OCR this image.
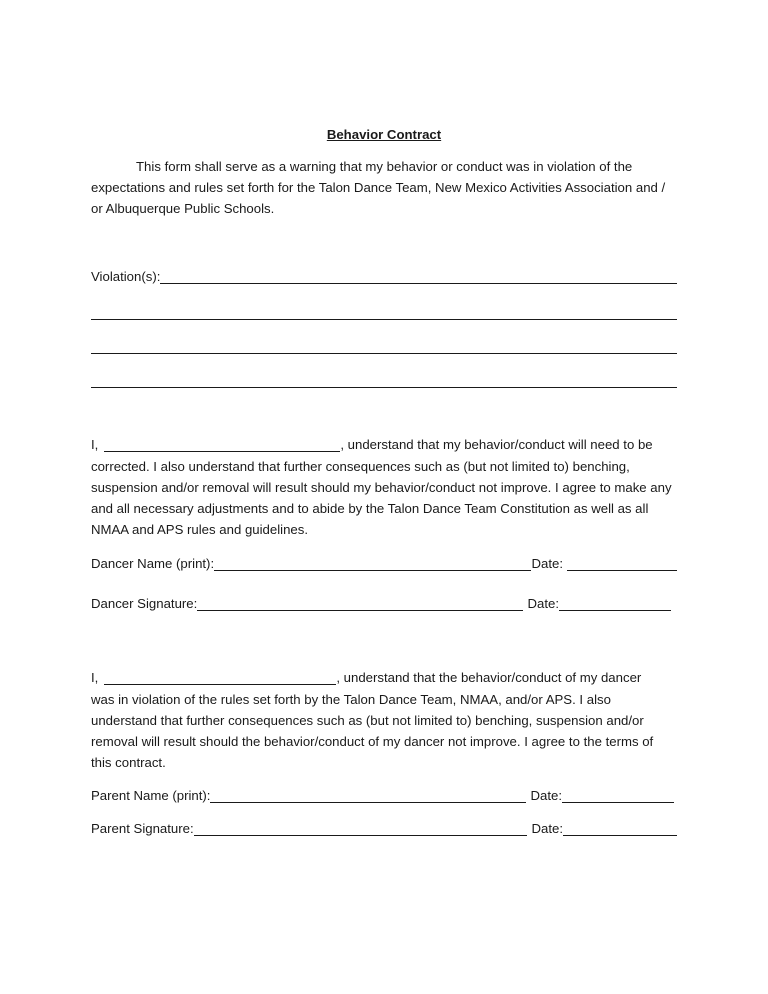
Behavior Contract

This form shall serve as a warning that my behavior or conduct was in violation of the expectations and rules set forth for the Talon Dance Team, New Mexico Activities Association and / or Albuquerque Public Schools.

Violation(s):
I,	, understand that my behavior/conduct will need to be

corrected. I also understand that further consequences such as (but not limited to) benching, suspension and/or removal will result should my behavior/conduct not improve. I agree to make any and all necessary adjustments and to abide by the Talon Dance Team Constitution as well as all NMAA and APS rules and guidelines.

Dancer Name (print):	Date:
Dancer Signature:	Date:
I,	, understand that the behavior/conduct of my dancer

was in violation of the rules set forth by the Talon Dance Team, NMAA, and/or APS. I also understand that further consequences such as (but not limited to) benching, suspension and/or removal will result should the behavior/conduct of my dancer not improve. I agree to the terms of this contract.

Parent Name (print):	Date:
Parent Signature:	Date:
